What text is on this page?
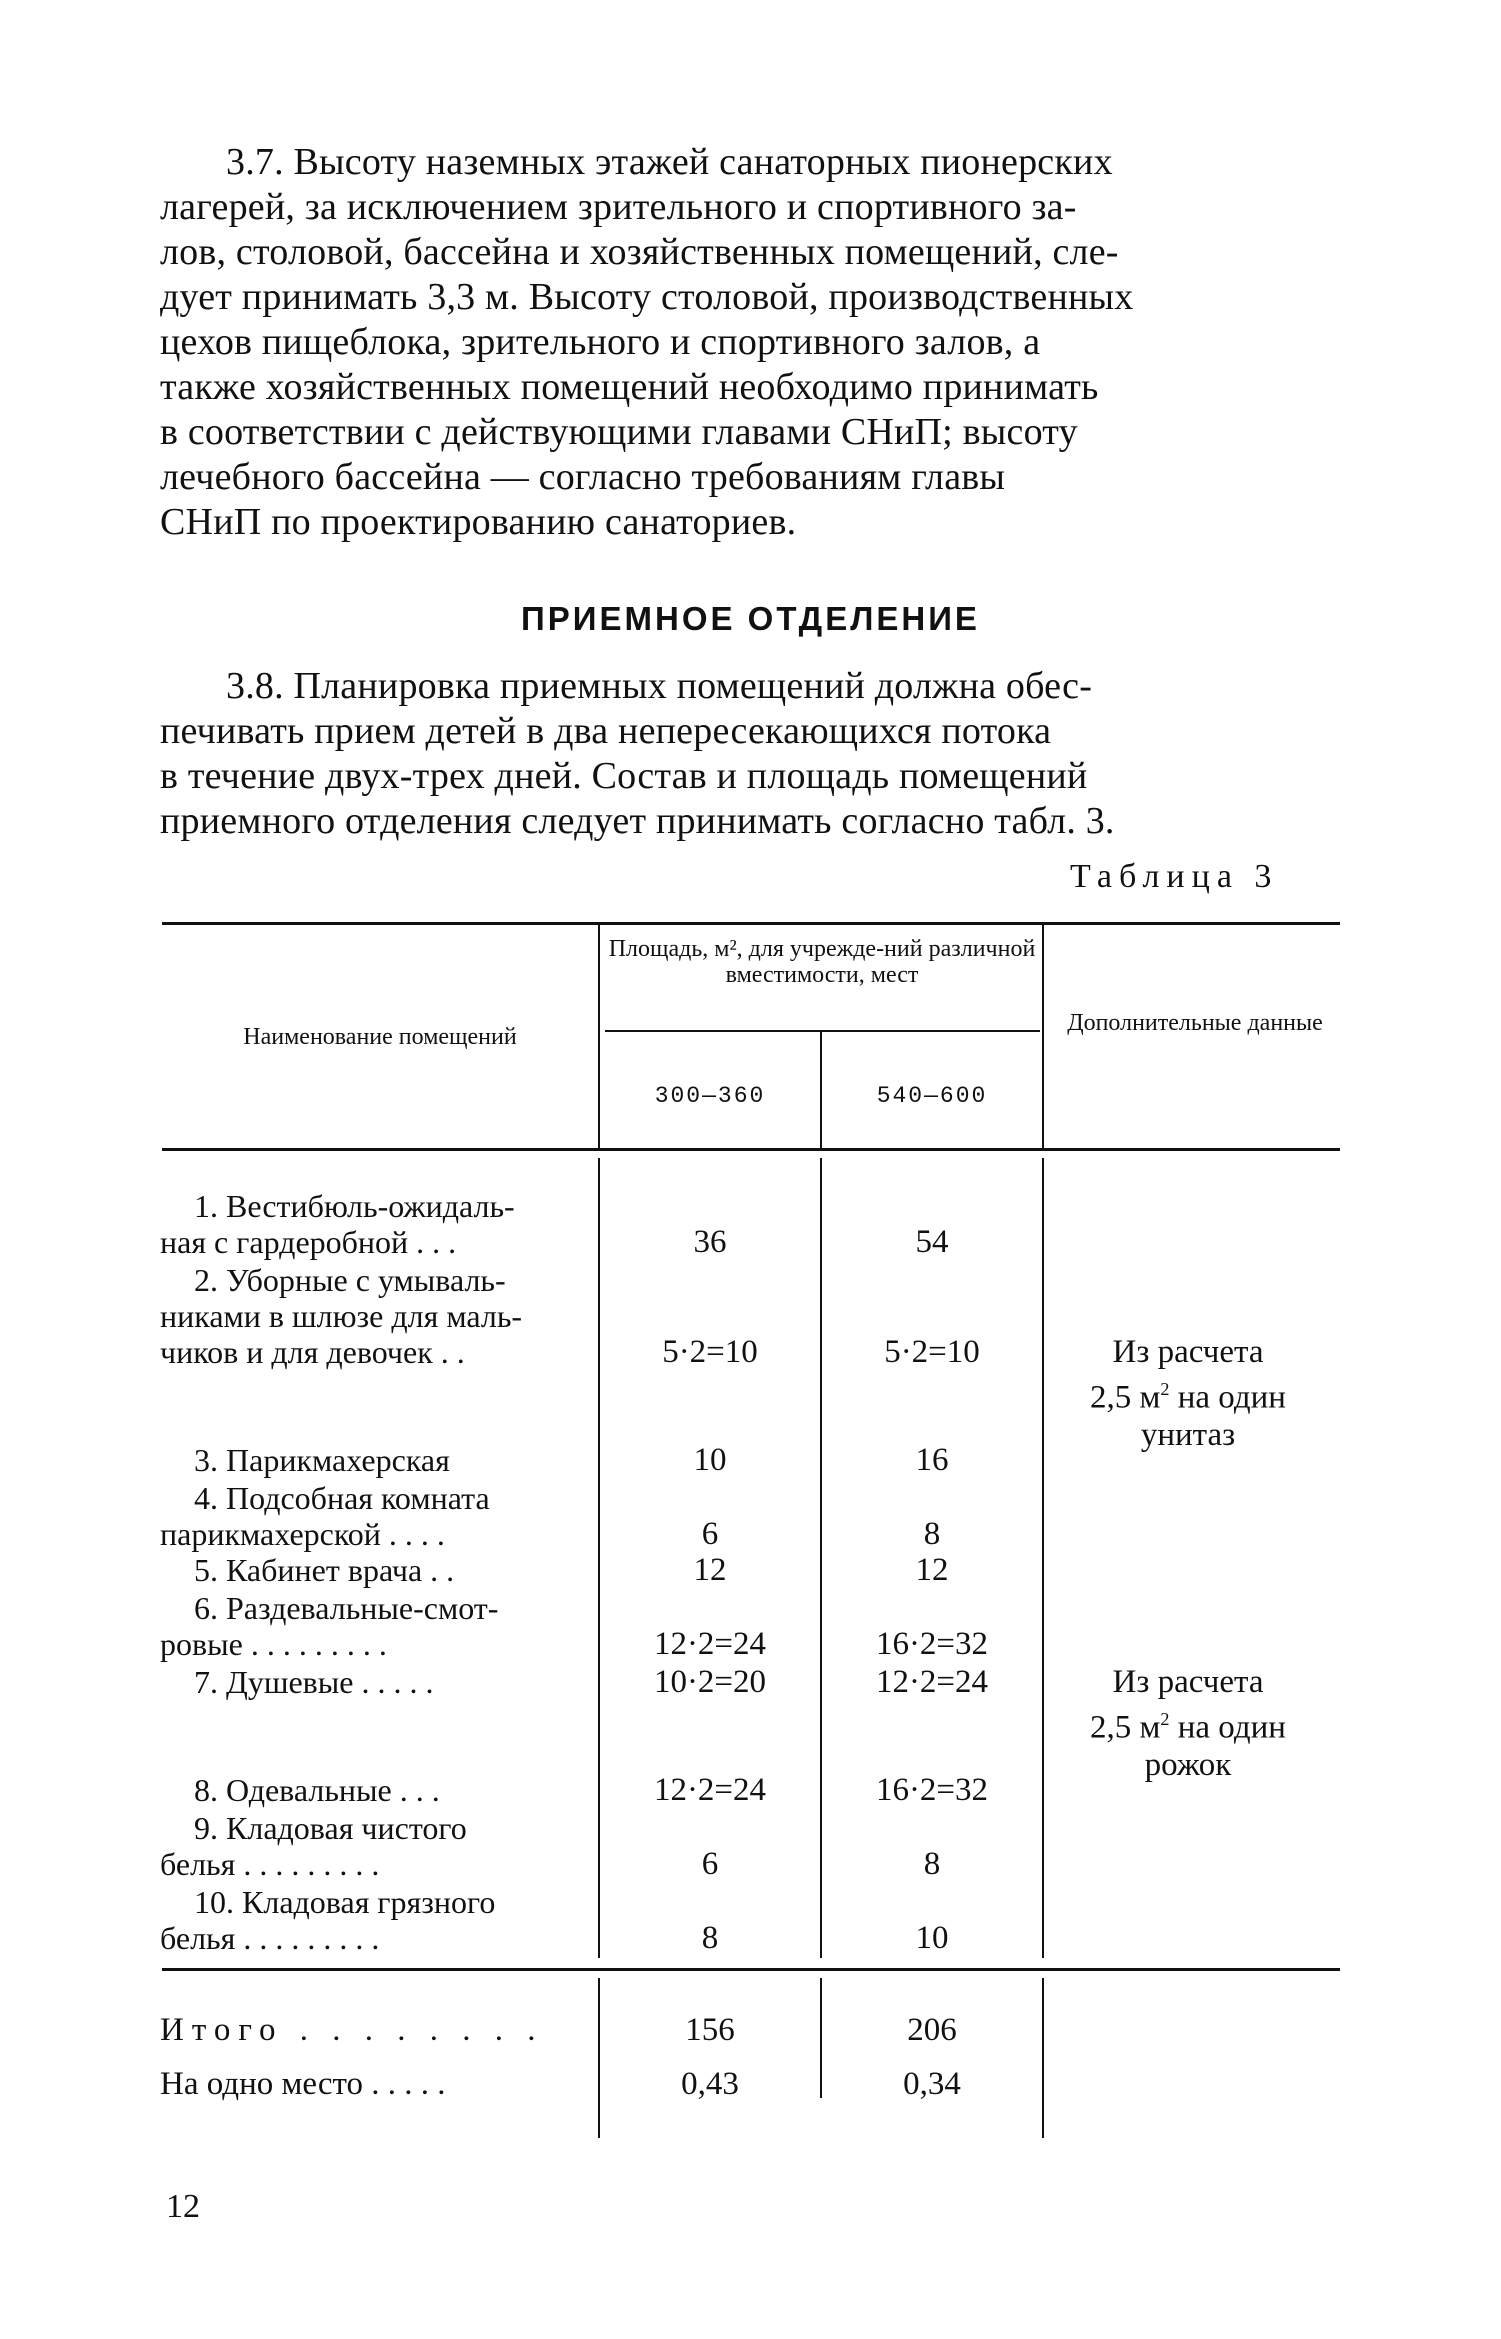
3.7. Высоту наземных этажей санаторных пионерских
лагерей, за исключением зрительного и спортивного за-
лов, столовой, бассейна и хозяйственных помещений, сле-
дует принимать 3,3 м. Высоту столовой, производственных
цехов пищеблока, зрительного и спортивного залов, а
также хозяйственных помещений необходимо принимать
в соответствии с действующими главами СНиП; высоту
лечебного бассейна — согласно требованиям главы
СНиП по проектированию санаториев.
ПРИЕМНОЕ ОТДЕЛЕНИЕ
3.8. Планировка приемных помещений должна обес-
печивать прием детей в два непересекающихся потока
в течение двух-трех дней. Состав и площадь помещений
приемного отделения следует принимать согласно табл. 3.
Таблица 3
Наименование помещений
Площадь, м², для учрежде-ний различной вместимости, мест
300—360	540—600
Дополнительные данные
1. Вестибюль-ожидаль-
ная с гардеробной . . .	36	54
2. Уборные с умываль-
никами в шлюзе для маль-
чиков и для девочек . .	5·2=10	5·2=10	Из расчета
2,5 $м^2$ на один
унитаз
3. Парикмахерская	10	16
4. Подсобная комната
парикмахерской . . . .	6	8
5. Кабинет врача . .	12	12
6. Раздевальные-смот-
ровые . . . . . . . . .	12·2=24	16·2=32
7. Душевые . . . . .	10·2=20	12·2=24	Из расчета
2,5 $м^2$ на один
рожок
8. Одевальные . . .	12·2=24	16·2=32
9. Кладовая чистого
белья . . . . . . . . .	6	8
10. Кладовая грязного
белья . . . . . . . . .	8	10
Итого . . . . . . . .	156	206
На одно место . . . . .	0,43	0,34
12
